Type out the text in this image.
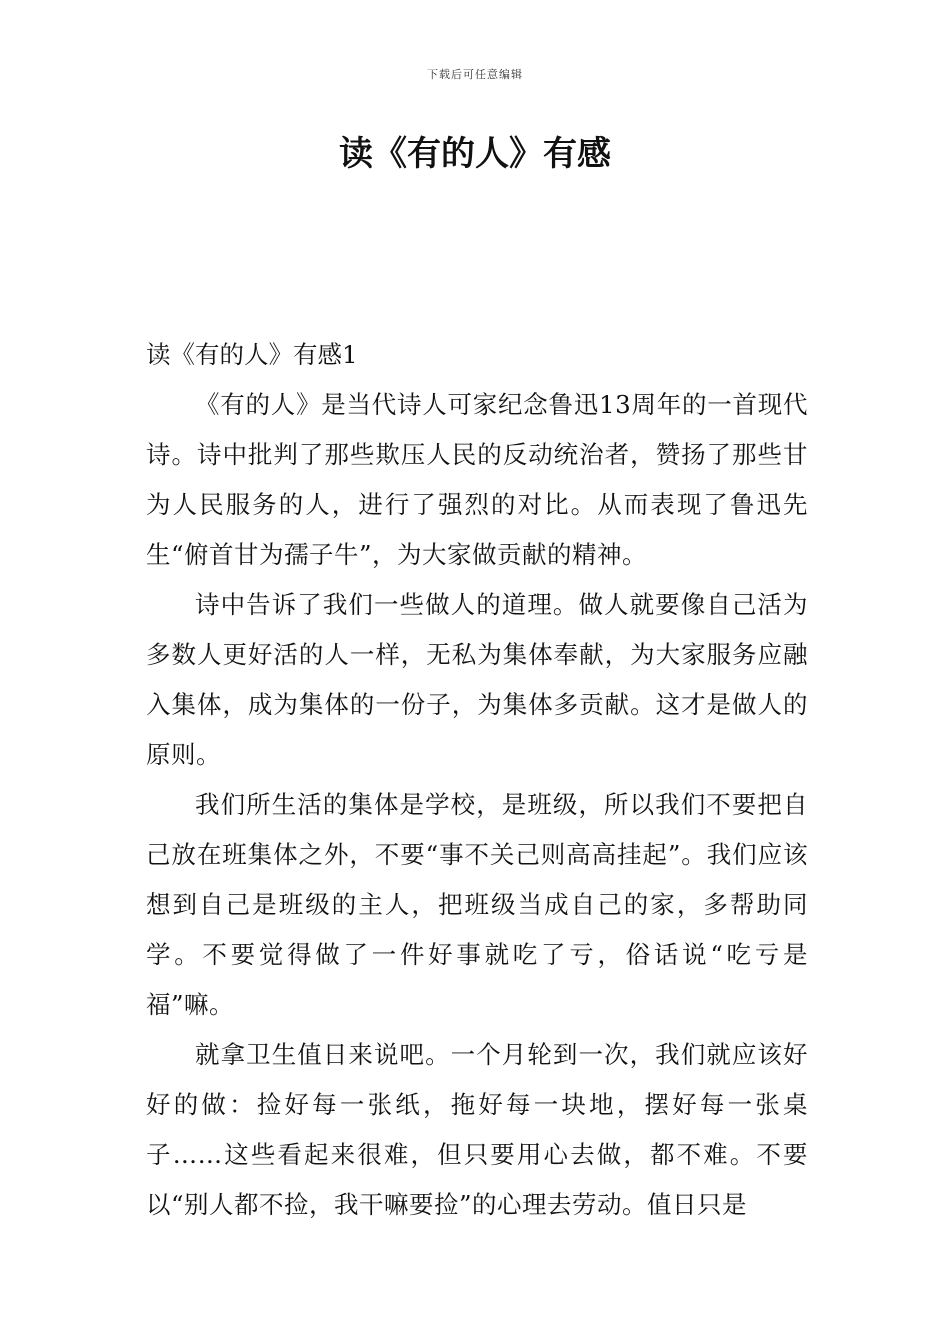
下载后可任意编辑
读《有的人》有感
读《有的人》有感1

《有的人》是当代诗人可家纪念鲁迅13周年的一首现代诗。诗中批判了那些欺压人民的反动统治者，赞扬了那些甘为人民服务的人，进行了强烈的对比。从而表现了鲁迅先生“俯首甘为孺子牛”，为大家做贡献的精神。

诗中告诉了我们一些做人的道理。做人就要像自己活为多数人更好活的人一样，无私为集体奉献，为大家服务应融入集体，成为集体的一份子，为集体多贡献。这才是做人的原则。

我们所生活的集体是学校，是班级，所以我们不要把自己放在班集体之外，不要“事不关己则高高挂起”。我们应该想到自己是班级的主人，把班级当成自己的家，多帮助同学。不要觉得做了一件好事就吃了亏，俗话说“吃亏是福”嘛。

就拿卫生值日来说吧。一个月轮到一次，我们就应该好好的做：捡好每一张纸，拖好每一块地，摆好每一张桌子……这些看起来很难，但只要用心去做，都不难。不要以“别人都不捡，我干嘛要捡”的心理去劳动。值日只是
